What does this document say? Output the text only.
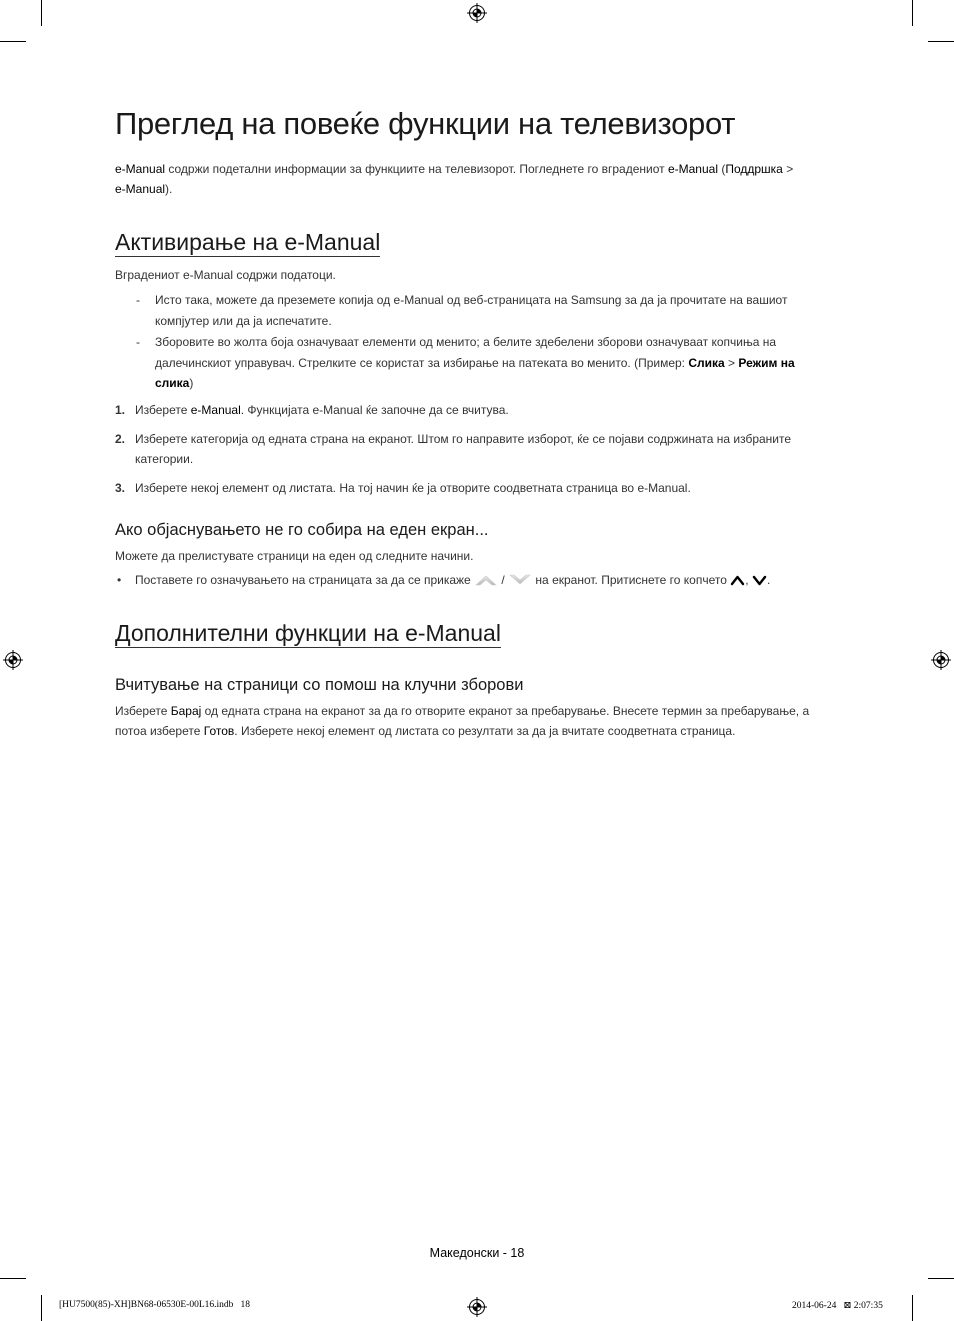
Преглед на повеќе функции на телевизорот

e-Manual содржи подетални информации за функциите на телевизорот. Погледнете го вградениот e-Manual (Поддршка >
e-Manual).

Активирање на e-Manual

Вградениот e-Manual содржи податоци.

- Исто така, можете да преземете копија од e-Manual од веб-страницата на Samsung за да ја прочитате на вашиот компјутер или да ја испечатите.
- Зборовите во жолта боја означуваат елементи од менито; а белите здебелени зборови означуваат копчиња на далечинскиот управувач. Стрелките се користат за избирање на патеката во менито. (Пример: Слика > Режим на слика)
1. Изберете e-Manual. Функцијата e-Manual ќе започне да се вчитува.
2. Изберете категорија од едната страна на екранот. Штом го направите изборот, ќе се појави содржината на избраните категории.
3. Изберете некој елемент од листата. На тој начин ќе ја отворите соодветната страница во e-Manual.
Ако објаснувањето не го собира на еден екран...

Можете да прелистувате страници на еден од следните начини.

• Поставете го означувањето на страницата за да се прикаже  /  на екранот. Притиснете го копчето , .
Дополнителни функции на e-Manual
Вчитување на страници со помош на клучни зборови

Изберете Барај од едната страна на екранот за да го отворите екранот за пребарување. Внесете термин за пребарување, а потоа изберете Готов. Изберете некој елемент од листата со резултати за да ја вчитате соодветната страница.

Македонски - 18
[HU7500(85)-XH]BN68-06530E-00L16.indb   18	2014-06-24   ⊠ 2:07:35
